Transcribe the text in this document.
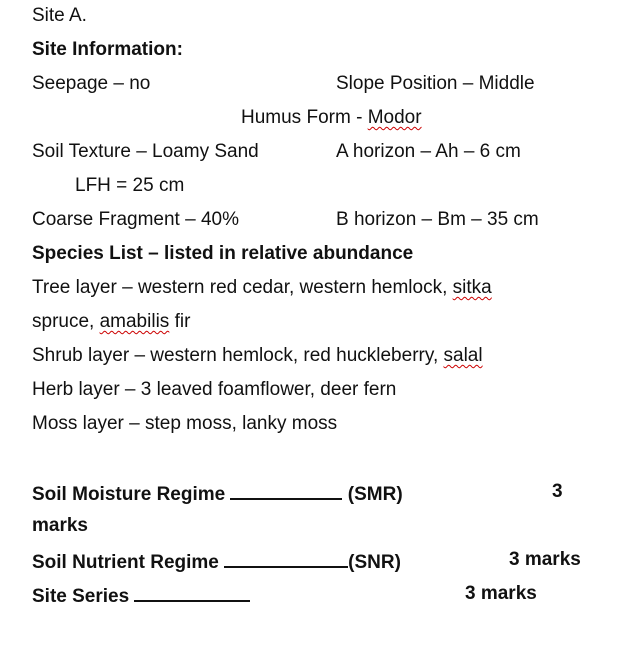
Site A.
Site Information:
Seepage – no	Slope Position – Middle
Humus Form - Modor
Soil Texture – Loamy Sand	A horizon – Ah – 6 cm
LFH = 25 cm
Coarse Fragment – 40%	B horizon – Bm – 35 cm
Species List – listed in relative abundance
Tree layer – western red cedar, western hemlock, sitka
spruce, amabilis fir
Shrub layer – western hemlock, red huckleberry, salal
Herb layer – 3 leaved foamflower, deer fern
Moss layer – step moss, lanky moss
Soil Moisture Regime	(SMR)	3
marks
Soil Nutrient Regime	(SNR)	3 marks
Site Series	3 marks
